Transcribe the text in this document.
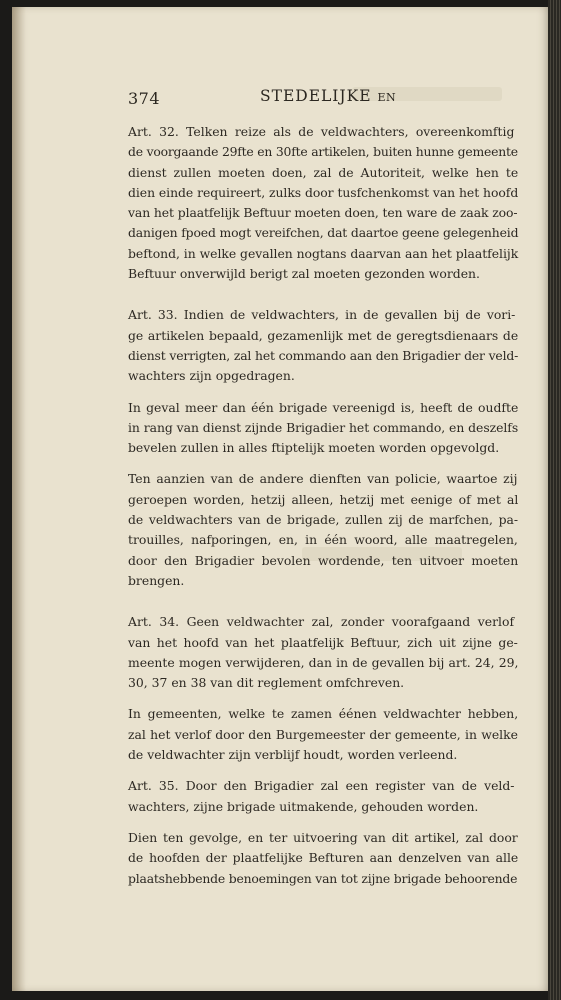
374	STEDELIJKE EN
Art. 32. Telken reize als de veldwachters, overeenkomftig
de voorgaande 29fte en 30fte artikelen, buiten hunne gemeente
dienst zullen moeten doen, zal de Autoriteit, welke hen te
dien einde requireert, zulks door tusfchenkomst van het hoofd
van het plaatfelijk Beftuur moeten doen, ten ware de zaak zoo-
danigen fpoed mogt vereifchen, dat daartoe geene gelegenheid
beftond, in welke gevallen nogtans daarvan aan het plaatfelijk
Beftuur onverwijld berigt zal moeten gezonden worden.
Art. 33. Indien de veldwachters, in de gevallen bij de vori-
ge artikelen bepaald, gezamenlijk met de geregtsdienaars de
dienst verrigten, zal het commando aan den Brigadier der veld-
wachters zijn opgedragen.
In geval meer dan één brigade vereenigd is, heeft de oudfte
in rang van dienst zijnde Brigadier het commando, en deszelfs
bevelen zullen in alles ftiptelijk moeten worden opgevolgd.
Ten aanzien van de andere dienften van policie, waartoe zij
geroepen worden, hetzij alleen, hetzij met eenige of met al
de veldwachters van de brigade, zullen zij de marfchen, pa-
trouilles, nafporingen, en, in één woord, alle maatregelen,
door den Brigadier bevolen wordende, ten uitvoer moeten
brengen.
Art. 34. Geen veldwachter zal, zonder voorafgaand verlof
van het hoofd van het plaatfelijk Beftuur, zich uit zijne ge-
meente mogen verwijderen, dan in de gevallen bij art. 24, 29,
30, 37 en 38 van dit reglement omfchreven.
In gemeenten, welke te zamen éénen veldwachter hebben,
zal het verlof door den Burgemeester der gemeente, in welke
de veldwachter zijn verblijf houdt, worden verleend.
Art. 35. Door den Brigadier zal een register van de veld-
wachters, zijne brigade uitmakende, gehouden worden.
Dien ten gevolge, en ter uitvoering van dit artikel, zal door
de hoofden der plaatfelijke Befturen aan denzelven van alle
plaatshebbende benoemingen van tot zijne brigade behoorende
